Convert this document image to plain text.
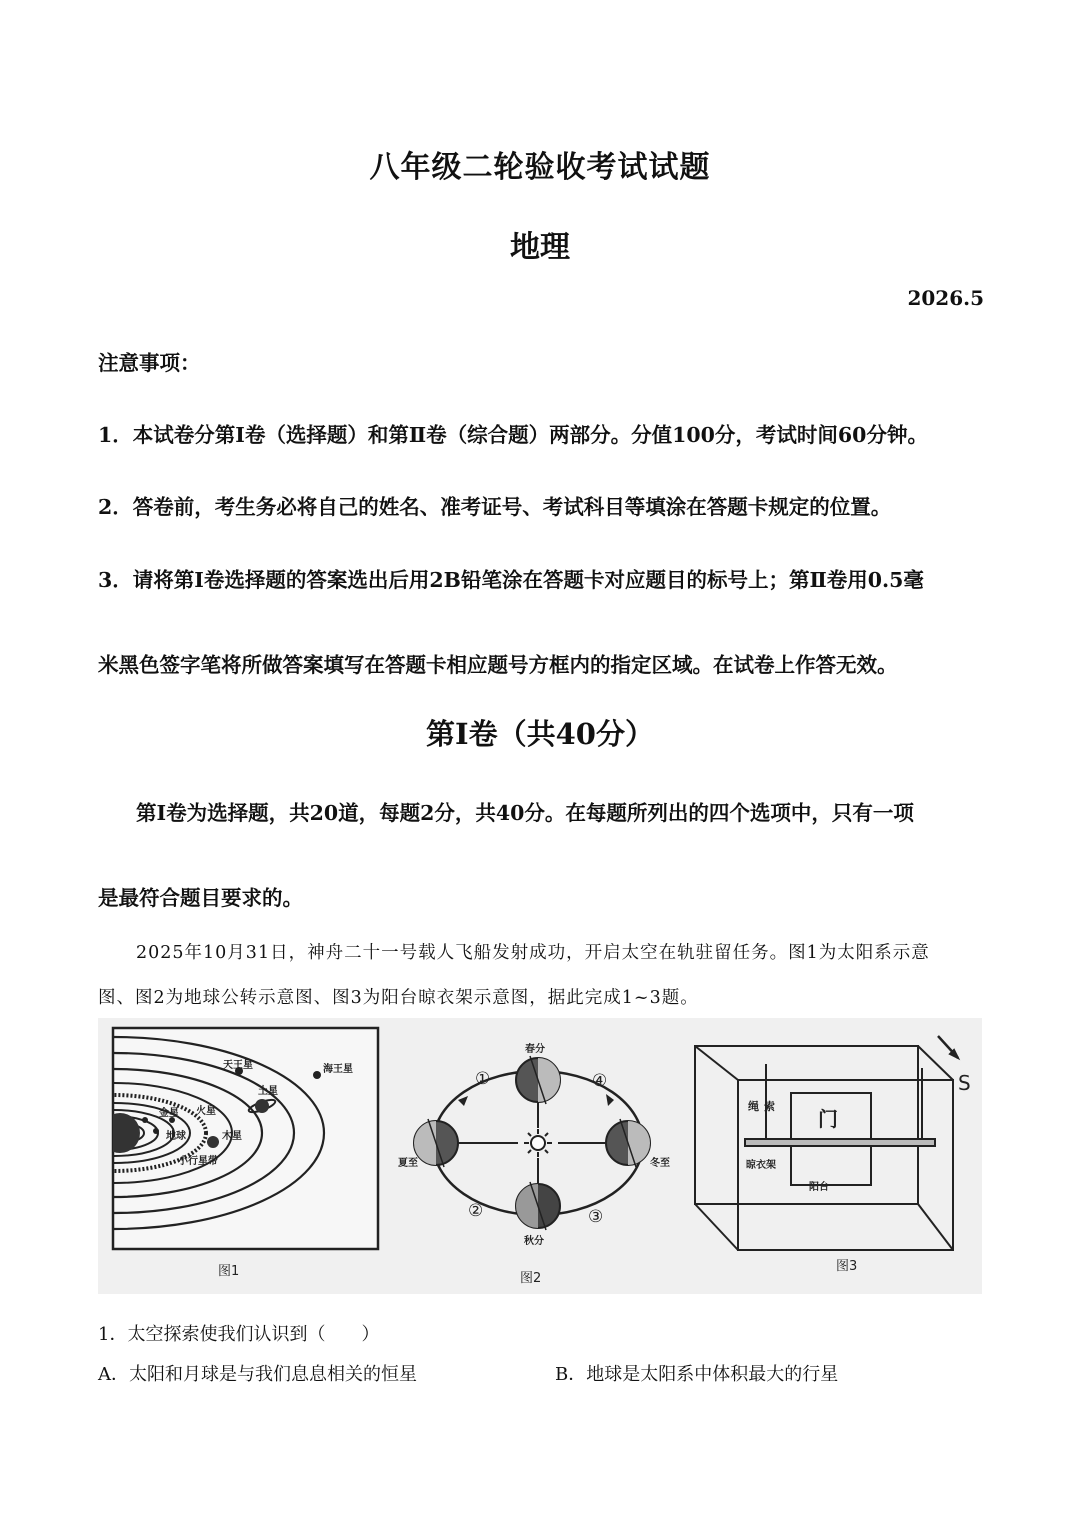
八年级二轮验收考试试题
地理
2026.5
注意事项：
1．本试卷分第Ⅰ卷（选择题）和第Ⅱ卷（综合题）两部分。分值100分，考试时间60分钟。
2．答卷前，考生务必将自己的姓名、准考证号、考试科目等填涂在答题卡规定的位置。
3．请将第Ⅰ卷选择题的答案选出后用2B铅笔涂在答题卡对应题目的标号上；第Ⅱ卷用0.5毫
米黑色签字笔将所做答案填写在答题卡相应题号方框内的指定区域。在试卷上作答无效。
第Ⅰ卷（共40分）
第Ⅰ卷为选择题，共20道，每题2分，共40分。在每题所列出的四个选项中，只有一项
是最符合题目要求的。
2025年10月31日，神舟二十一号载人飞船发射成功，开启太空在轨驻留任务。图1为太阳系示意
图、图2为地球公转示意图、图3为阳台晾衣架示意图，据此完成1~3题。
天王星	海王星
土星
火星
金星
地球	木星
小行星带
图1
春分
夏至
秋分
冬至
①
②	③
④
图2
绳 索
晾衣架
阳台
门
S
图3
1．太空探索使我们认识到（　　）
A．太阳和月球是与我们息息相关的恒星	B．地球是太阳系中体积最大的行星
